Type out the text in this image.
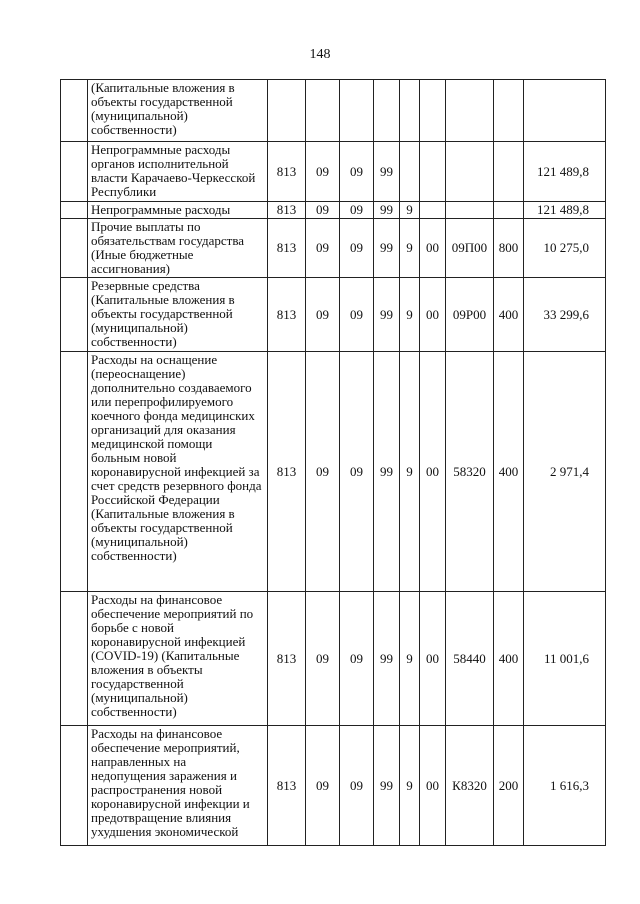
148
	(Капитальные вложения в объекты государственной (муниципальной) собственности)									
	Непрограммные расходы органов исполнительной власти Карачаево-Черкесской Республики	813	09	09	99					121 489,8
	Непрограммные расходы	813	09	09	99	9				121 489,8
	Прочие выплаты по обязательствам государства (Иные бюджетные ассигнования)	813	09	09	99	9	00	09П00	800	10 275,0
	Резервные средства (Капитальные вложения в объекты государственной (муниципальной) собственности)	813	09	09	99	9	00	09Р00	400	33 299,6
	Расходы на оснащение (переоснащение) дополнительно создаваемого или перепрофилируемого коечного фонда медицинских организаций для оказания медицинской помощи больным новой коронавирусной инфекцией за счет средств резервного фонда Российской Федерации (Капитальные вложения в объекты государственной (муниципальной) собственности)	813	09	09	99	9	00	58320	400	2 971,4
	Расходы на финансовое обеспечение мероприятий по борьбе с новой коронавирусной инфекцией (COVID-19) (Капитальные вложения в объекты государственной (муниципальной) собственности)	813	09	09	99	9	00	58440	400	11 001,6
	Расходы на финансовое обеспечение мероприятий, направленных на недопущения заражения и распространения новой коронавирусной инфекции и предотвращение влияния ухудшения экономической	813	09	09	99	9	00	К8320	200	1 616,3
